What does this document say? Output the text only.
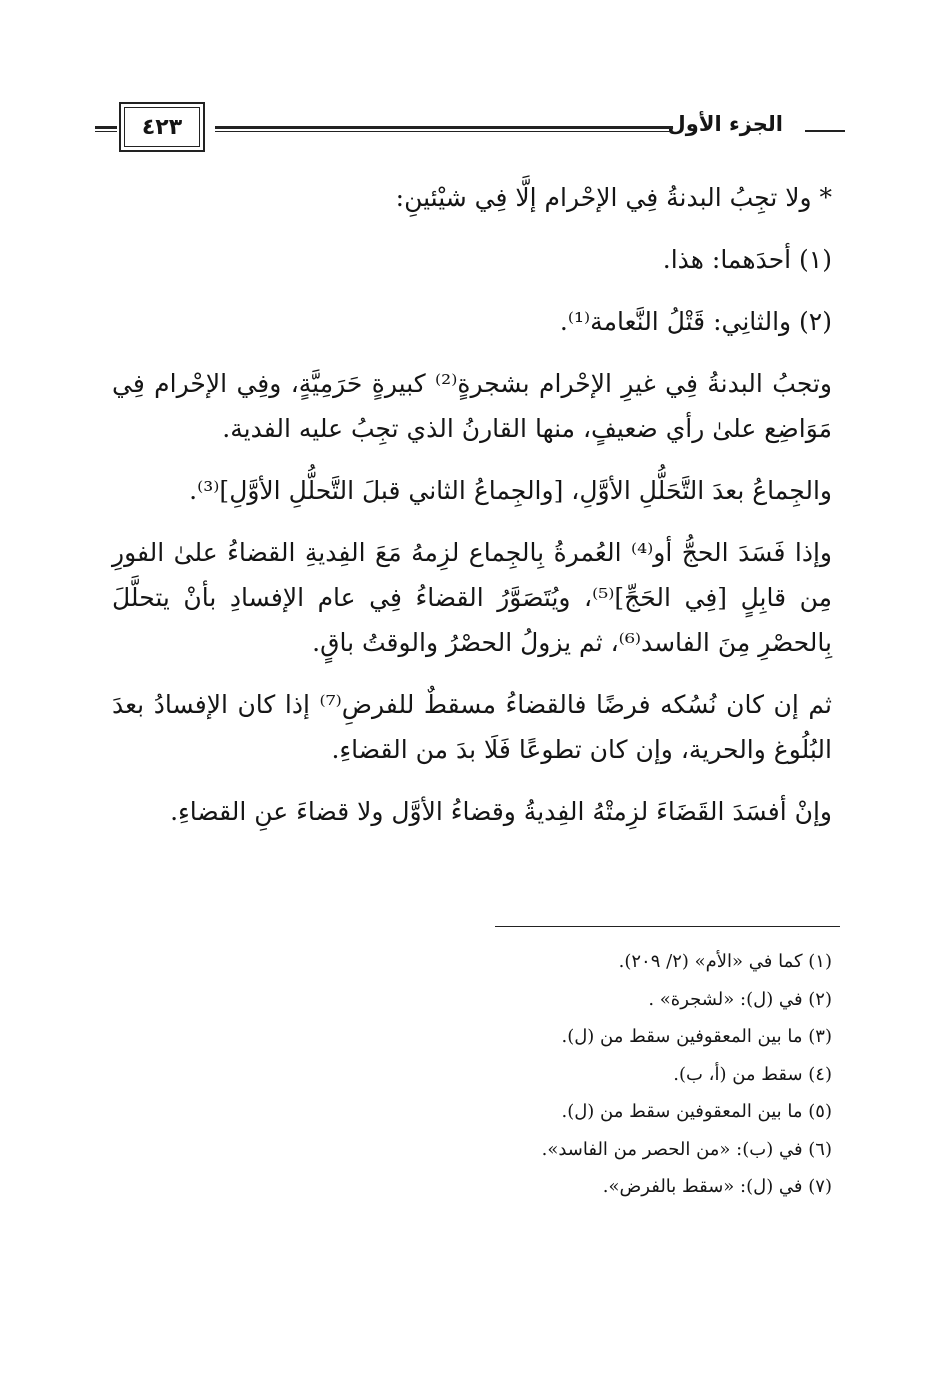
الجزء الأول
٤٢٣

* ولا تجِبُ البدنةُ فِي الإحْرام إلَّا فِي شيْئينِ:

(١) أحدَهما: هذا.

(٢) والثانِي: قَتْلُ النَّعامة⁽¹⁾.

وتجبُ البدنةُ فِي غيرِ الإحْرام بشجرةٍ⁽²⁾ كبيرةٍ حَرَمِيَّةٍ، وفِي الإحْرام فِي مَوَاضِع علىٰ رأي ضعيفٍ، منها القارنُ الذي تجِبُ عليه الفدية.

والجِماعُ بعدَ التَّحَلُّلِ الأوَّلِ، [والجِماعُ الثاني قبلَ التَّحلُّلِ الأوَّلِ]⁽³⁾.

وإذا فَسَدَ الحجُّ أو⁽⁴⁾ العُمرةُ بِالجِماع لزِمهُ مَعَ الفِديةِ القضاءُ علىٰ الفورِ مِن قابِلٍ [فِي الحَجِّ]⁽⁵⁾، ويُتَصَوَّرُ القضاءُ فِي عام الإفسادِ بأنْ يتحلَّلَ بِالحصْرِ مِنَ الفاسد⁽⁶⁾، ثم يزولُ الحصْرُ والوقتُ باقٍ.

ثم إن كان نُسُكه فرضًا فالقضاءُ مسقطٌ للفرضِ⁽⁷⁾ إذا كان الإفسادُ بعدَ البُلُوغ والحرية، وإن كان تطوعًا فَلَا بدَ من القضاءِ.

وإنْ أفسَدَ القَضَاءَ لزِمتْهُ الفِديةُ وقضاءُ الأوَّل ولا قضاءَ عنِ القضاءِ.

(١) كما في «الأم» (٢/ ٢٠٩).

(٢) في (ل): «لشجرة» .

(٣) ما بين المعقوفين سقط من (ل).

(٤) سقط من (أ، ب).

(٥) ما بين المعقوفين سقط من (ل).

(٦) في (ب): «من الحصر من الفاسد».

(٧) في (ل): «سقط بالفرض».
